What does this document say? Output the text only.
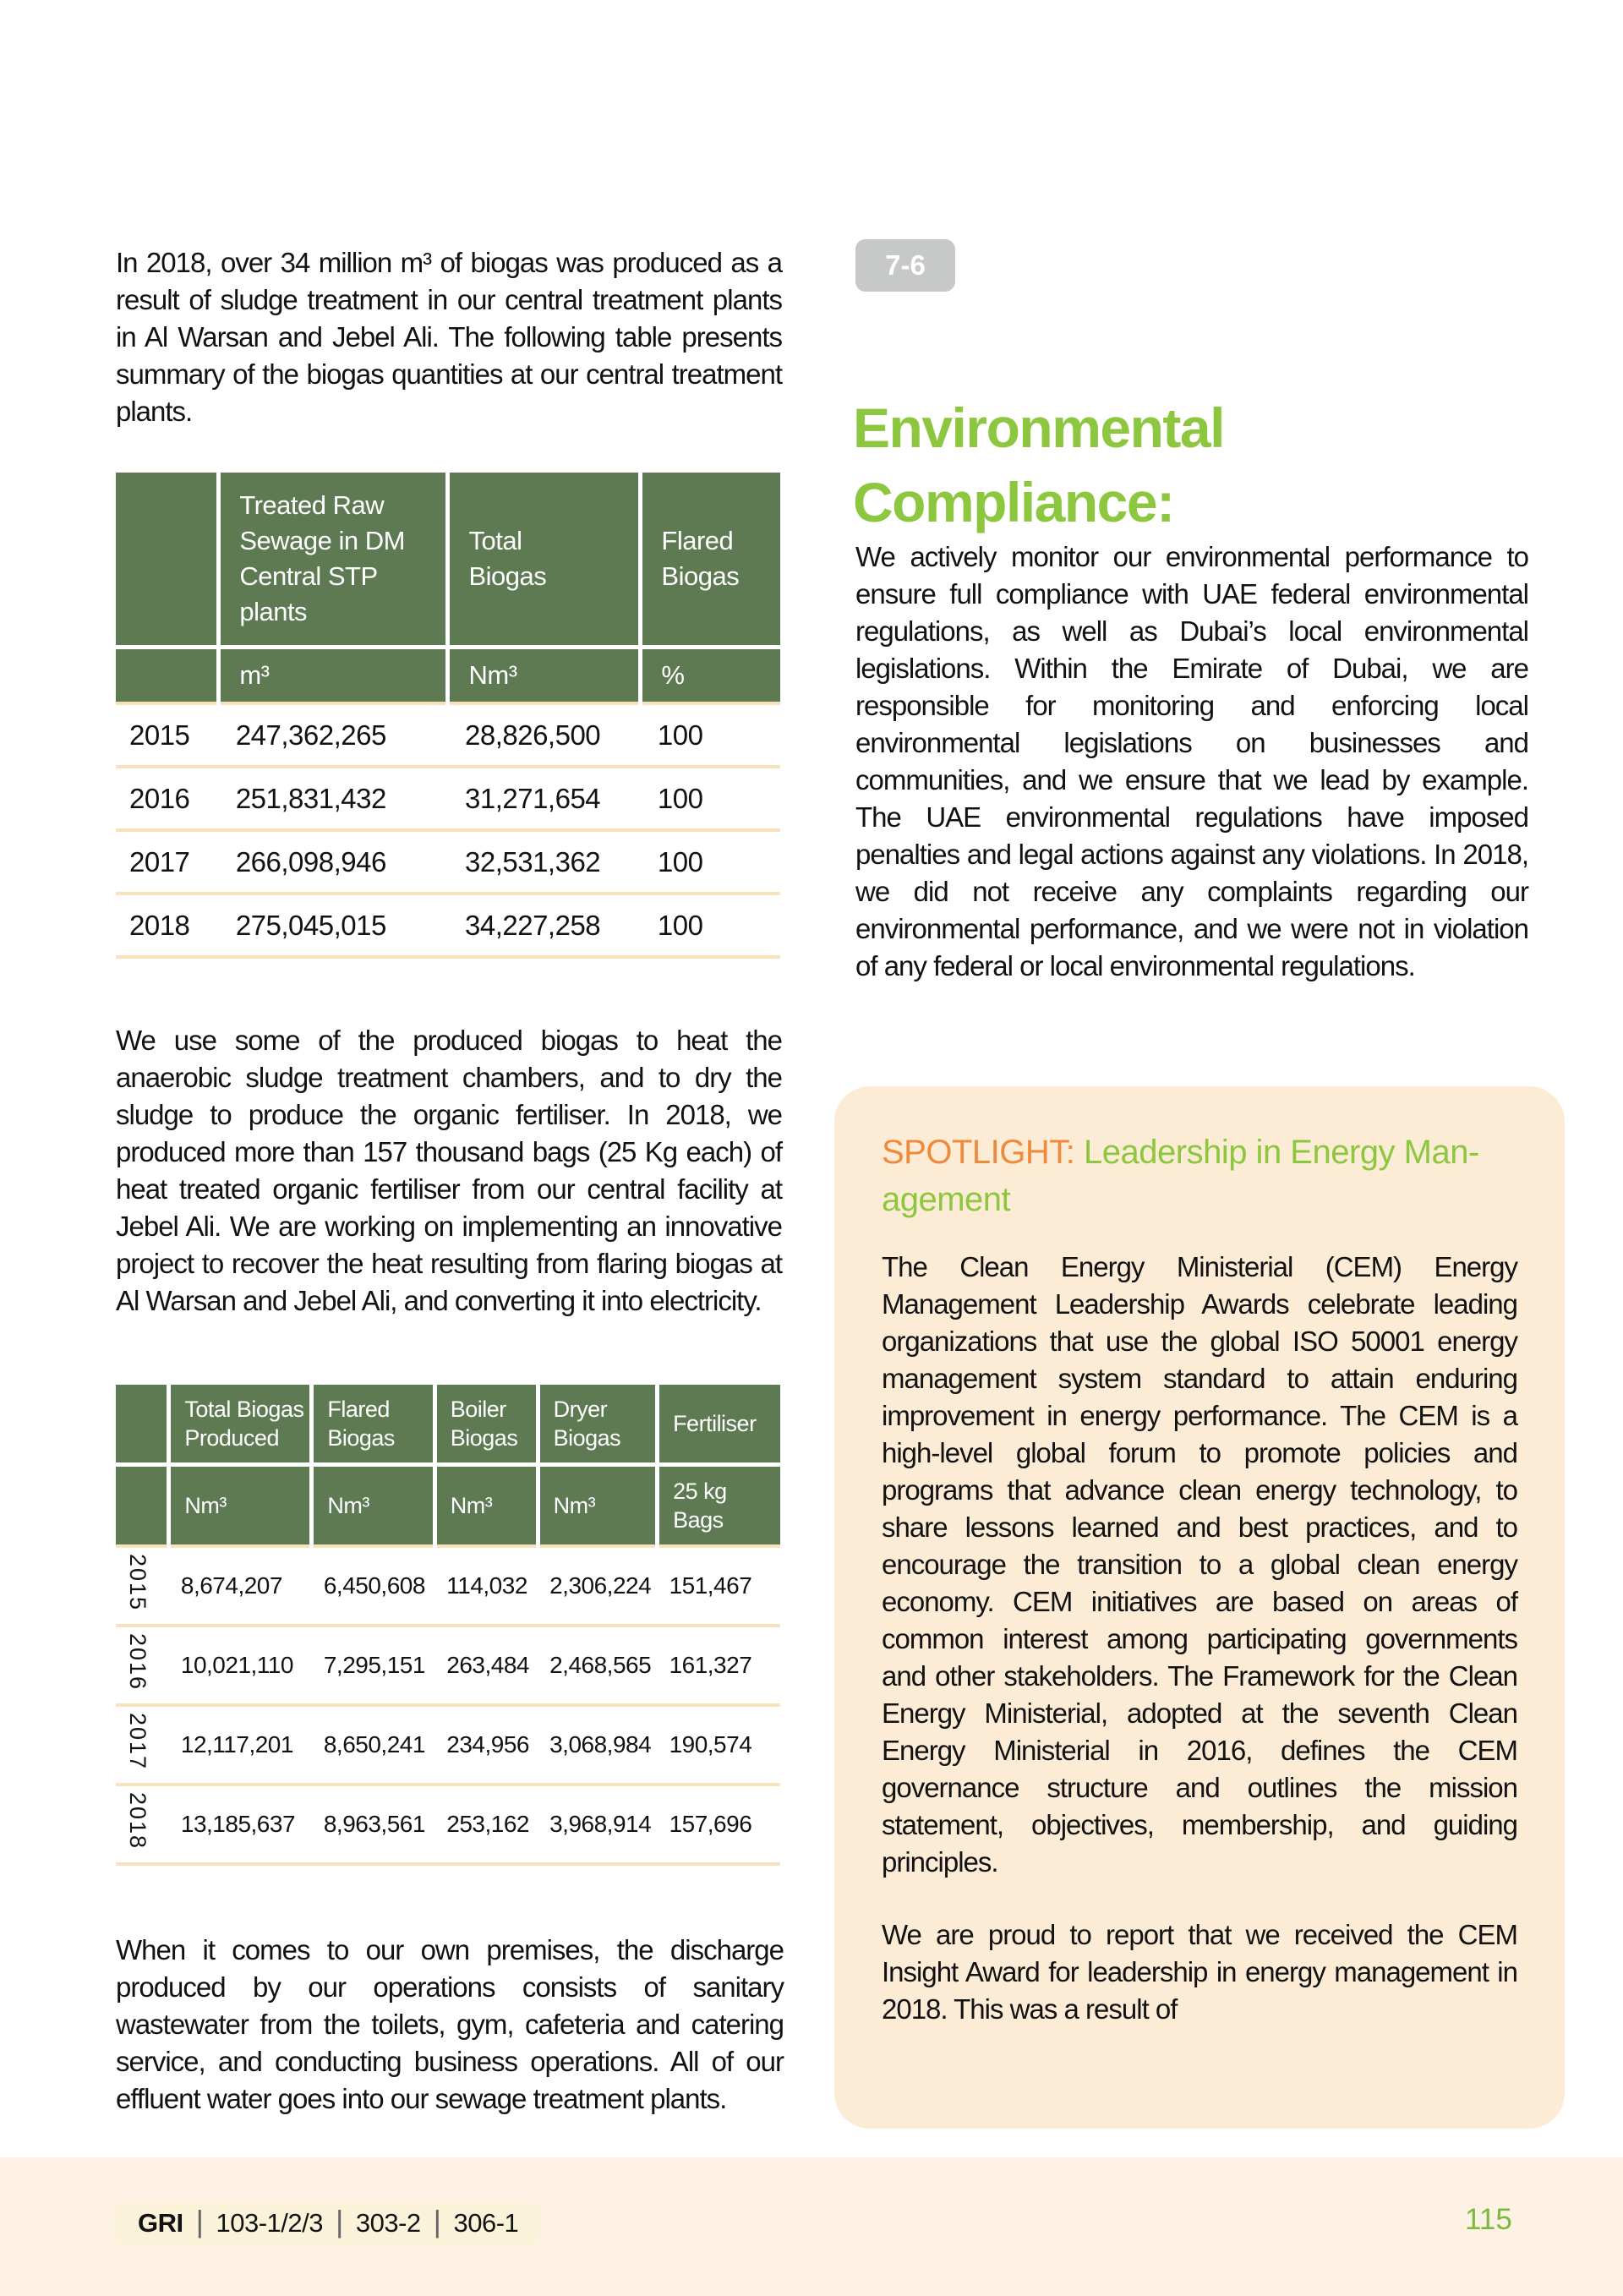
In 2018, over 34 million m³ of biogas was produced as a result of sludge treatment in our central treatment plants in Al Warsan and Jebel Ali. The following table presents summary of the biogas quantities at our central treatment plants.

	Treated Raw Sewage in DM Central STP plants	Total Biogas	Flared Biogas
	m³	Nm³	%
2015	247,362,265	28,826,500	100
2016	251,831,432	31,271,654	100
2017	266,098,946	32,531,362	100
2018	275,045,015	34,227,258	100

We use some of the produced biogas to heat the anaerobic sludge treatment chambers, and to dry the sludge to produce the organic fertiliser. In 2018, we produced more than 157 thousand bags (25 Kg each) of heat treated organic fertiliser from our central facility at Jebel Ali. We are working on implementing an innovative project to recover the heat resulting from flaring biogas at Al Warsan and Jebel Ali, and converting it into electricity.

	Total Biogas Produced	Flared Biogas	Boiler Biogas	Dryer Biogas	Fertiliser
	Nm³	Nm³	Nm³	Nm³	25 kg Bags
2015	8,674,207	6,450,608	114,032	2,306,224	151,467
2016	10,021,110	7,295,151	263,484	2,468,565	161,327
2017	12,117,201	8,650,241	234,956	3,068,984	190,574
2018	13,185,637	8,963,561	253,162	3,968,914	157,696

When it comes to our own premises, the discharge produced by our operations consists of sanitary wastewater from the toilets, gym, cafeteria and catering service, and conducting business operations. All of our effluent water goes into our sewage treatment plants.

7-6
Environmental Compliance:

We actively monitor our environmental performance to ensure full compliance with UAE federal environmental regulations, as well as Dubai’s local environmental legislations. Within the Emirate of Dubai, we are responsible for monitoring and enforcing local environmental legislations on businesses and communities, and we ensure that we lead by example. The UAE environmental regulations have imposed penalties and legal actions against any violations. In 2018, we did not receive any complaints regarding our environmental performance, and we were not in violation of any federal or local environmental regulations.

SPOTLIGHT: Leadership in Energy Man-
agement

The Clean Energy Ministerial (CEM) Energy Management Leadership Awards celebrate leading organizations that use the global ISO 50001 energy management system standard to attain enduring improvement in energy performance. The CEM is a high-level global forum to promote policies and programs that advance clean energy technology, to share lessons learned and best practices, and to encourage the transition to a global clean energy economy. CEM initiatives are based on areas of common interest among participating governments and other stakeholders. The Framework for the Clean Energy Ministerial, adopted at the seventh Clean Energy Ministerial in 2016, defines the CEM governance structure and outlines the mission statement, objectives, membership, and guiding principles.

We are proud to report that we received the CEM Insight Award for leadership in energy management in 2018. This was a result of

GRI | 103-1/2/3 | 303-2 | 306-1	115
